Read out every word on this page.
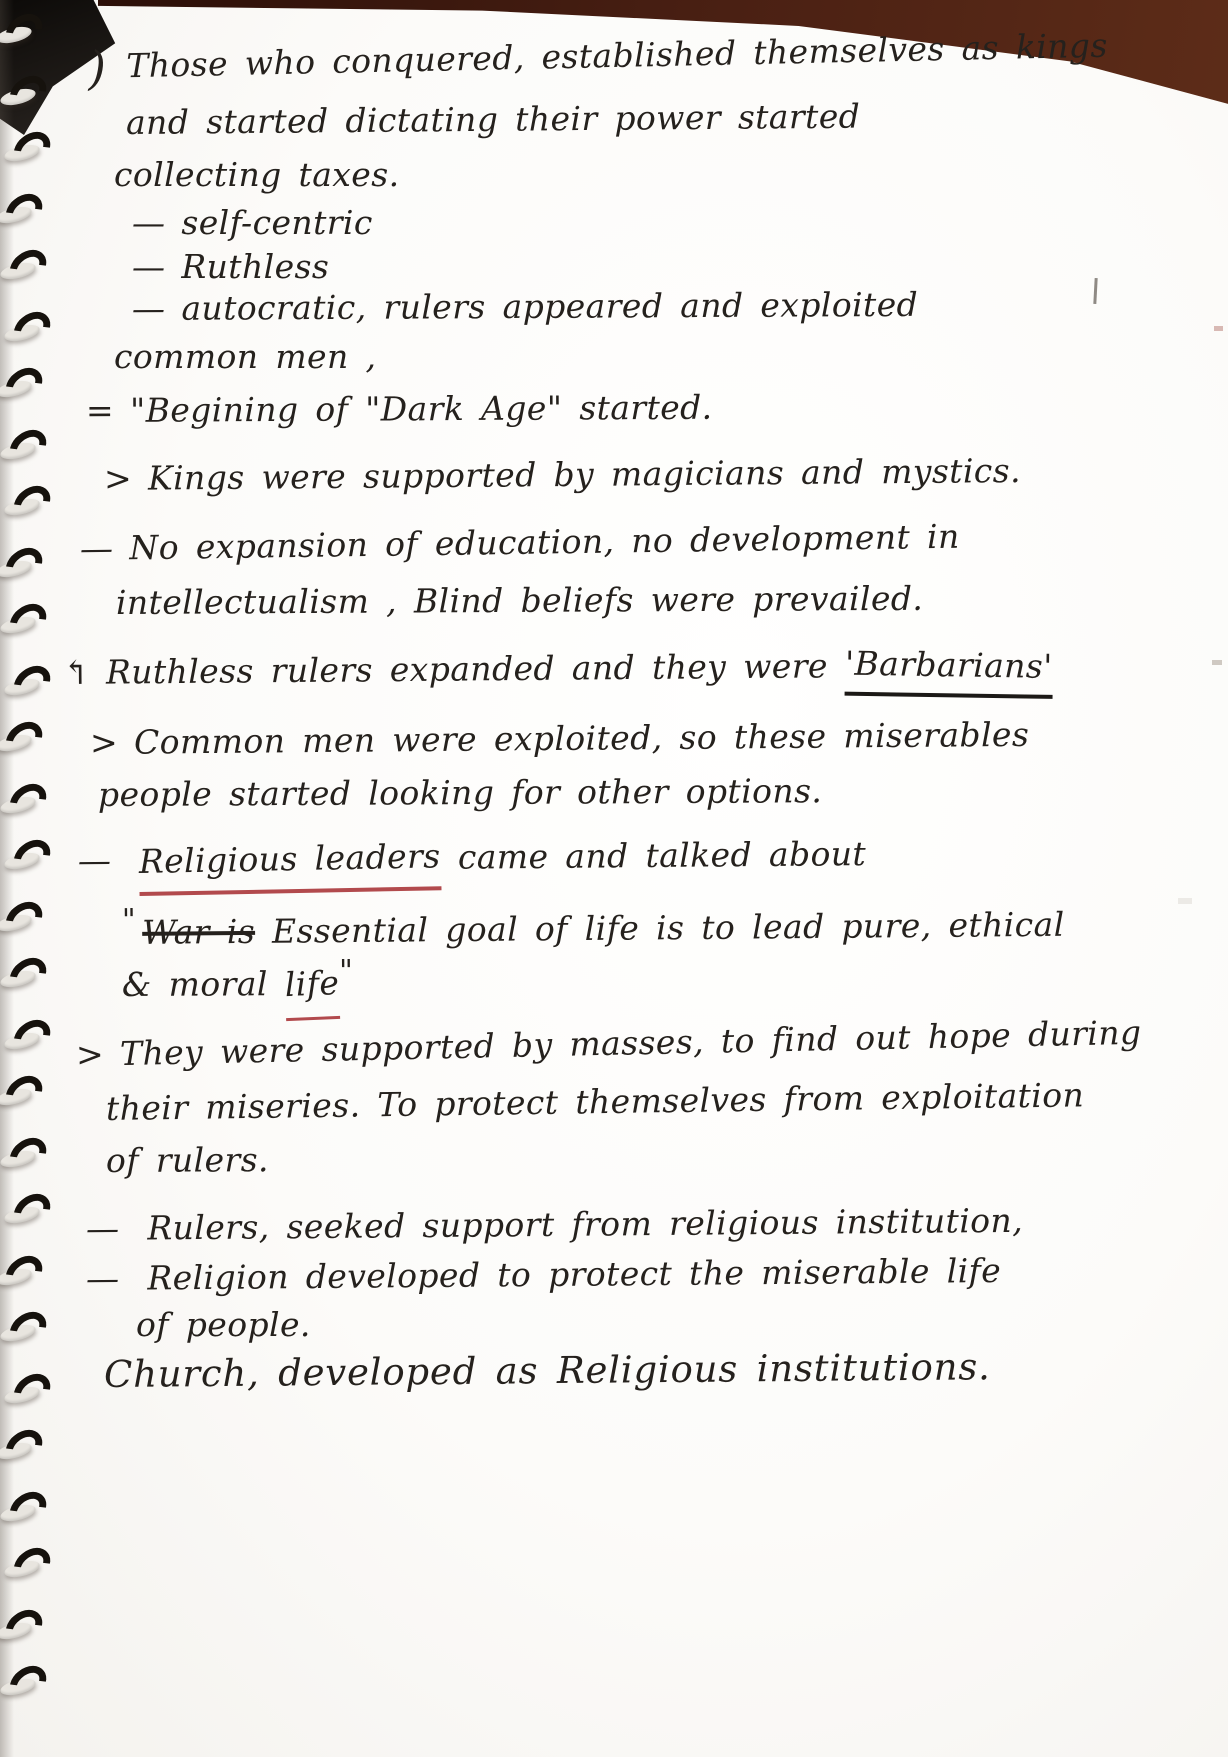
) Those who conquered, established themselves as kings
and started dictating their power started
collecting taxes.
— self-centric
— Ruthless
— autocratic, rulers appeared and exploited
common men ,
= "Begining of "Dark Age" started.
> Kings were supported by magicians and mystics.
— No expansion of education, no development in
intellectualism , Blind beliefs were prevailed.
↰ Ruthless rulers expanded and they were 'Barbarians'
> Common men were exploited, so these miserables
people started looking for other options.
— Religious leaders came and talked about
" War is Essential goal of life is to lead pure, ethical
& moral life"
> They were supported by masses, to find out hope during
their miseries. To protect themselves from exploitation
of rulers.
— Rulers, seeked support from religious institution,
— Religion developed to protect the miserable life
of people.
Church, developed as Religious institutions.
